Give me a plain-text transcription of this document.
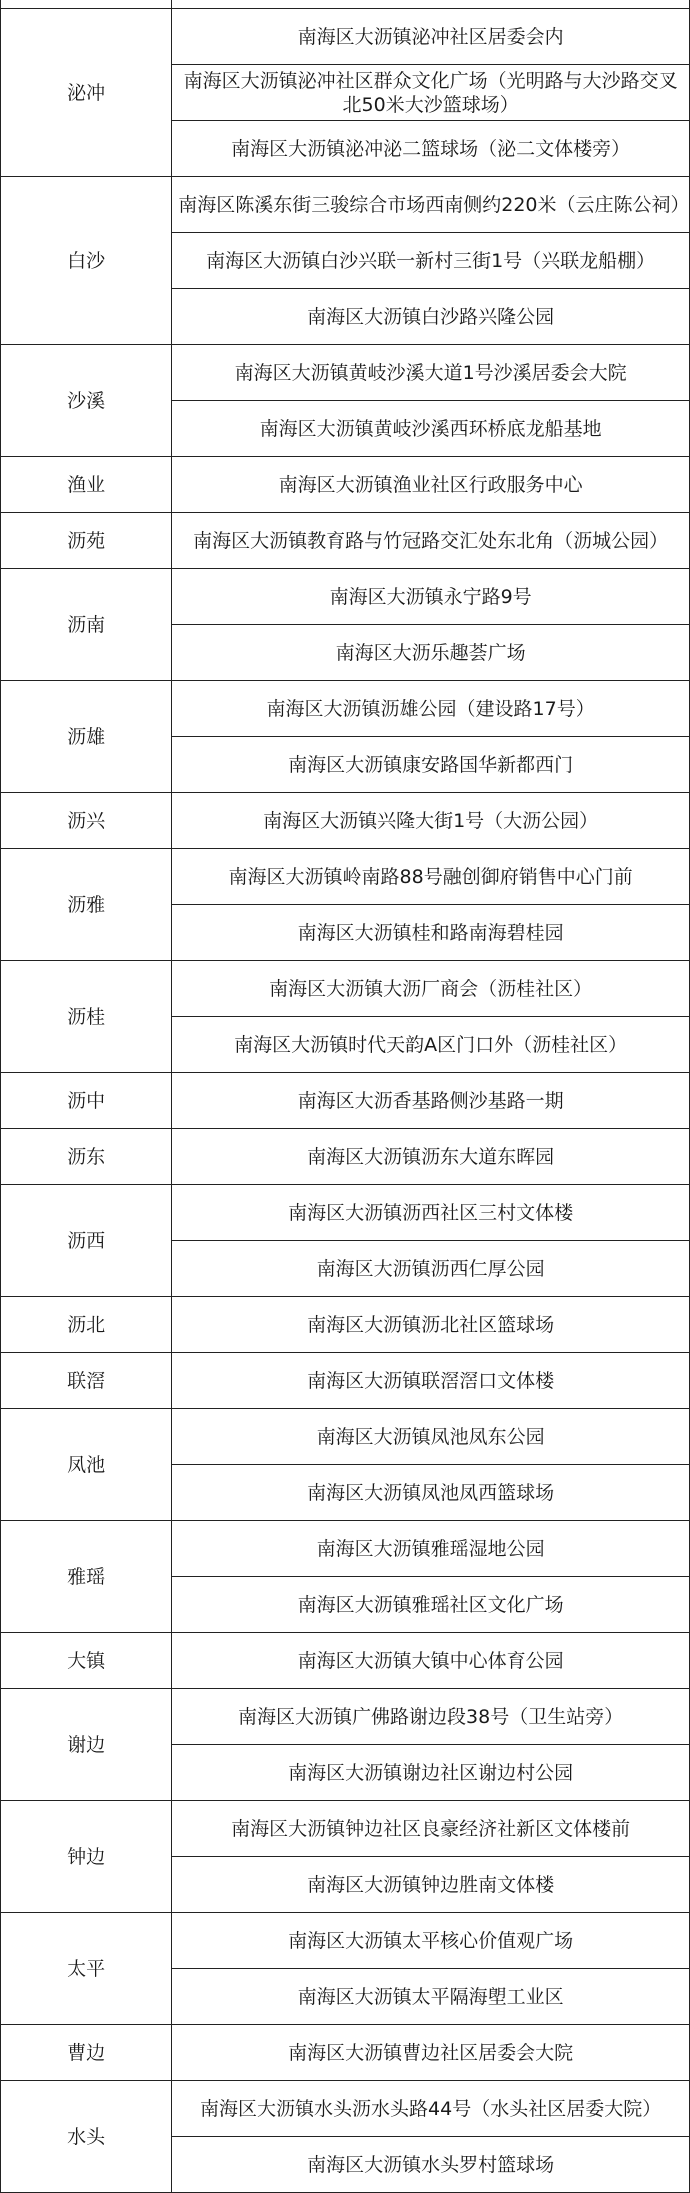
泌冲	南海区大沥镇泌冲社区居委会内
	南海区大沥镇泌冲社区群众文化广场（光明路与大沙路交叉北50米大沙篮球场）
	南海区大沥镇泌冲泌二篮球场（泌二文体楼旁）
白沙	南海区陈溪东街三骏综合市场西南侧约220米（云庄陈公祠）
	南海区大沥镇白沙兴联一新村三街1号（兴联龙船棚）
	南海区大沥镇白沙路兴隆公园
沙溪	南海区大沥镇黄岐沙溪大道1号沙溪居委会大院
	南海区大沥镇黄岐沙溪西环桥底龙船基地
渔业	南海区大沥镇渔业社区行政服务中心
沥苑	南海区大沥镇教育路与竹冠路交汇处东北角（沥城公园）
沥南	南海区大沥镇永宁路9号
	南海区大沥乐趣荟广场
沥雄	南海区大沥镇沥雄公园（建设路17号）
	南海区大沥镇康安路国华新都西门
沥兴	南海区大沥镇兴隆大街1号（大沥公园）
沥雅	南海区大沥镇岭南路88号融创御府销售中心门前
	南海区大沥镇桂和路南海碧桂园
沥桂	南海区大沥镇大沥厂商会（沥桂社区）
	南海区大沥镇时代天韵A区门口外（沥桂社区）
沥中	南海区大沥香基路侧沙基路一期
沥东	南海区大沥镇沥东大道东晖园
沥西	南海区大沥镇沥西社区三村文体楼
	南海区大沥镇沥西仁厚公园
沥北	南海区大沥镇沥北社区篮球场
联滘	南海区大沥镇联滘滘口文体楼
凤池	南海区大沥镇凤池凤东公园
	南海区大沥镇凤池凤西篮球场
雅瑶	南海区大沥镇雅瑶湿地公园
	南海区大沥镇雅瑶社区文化广场
大镇	南海区大沥镇大镇中心体育公园
谢边	南海区大沥镇广佛路谢边段38号（卫生站旁）
	南海区大沥镇谢边社区谢边村公园
钟边	南海区大沥镇钟边社区良豪经济社新区文体楼前
	南海区大沥镇钟边胜南文体楼
太平	南海区大沥镇太平核心价值观广场
	南海区大沥镇太平隔海塱工业区
曹边	南海区大沥镇曹边社区居委会大院
水头	南海区大沥镇水头沥水头路44号（水头社区居委大院）
	南海区大沥镇水头罗村篮球场
